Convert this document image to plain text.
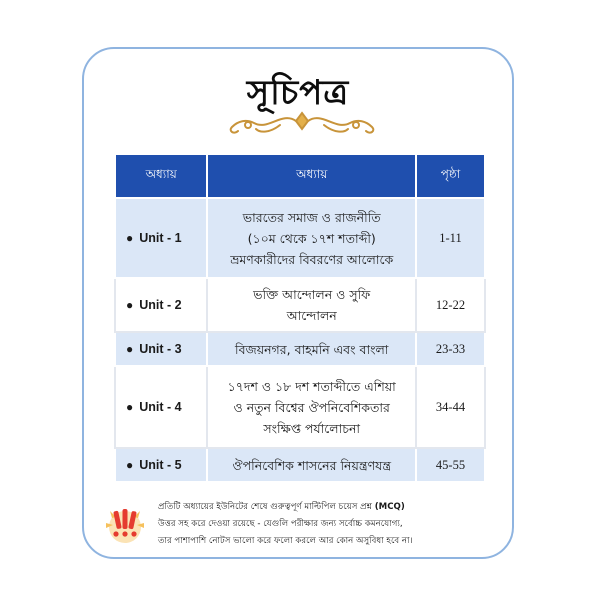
সূচিপত্র
অধ্যায়	অধ্যায়	পৃষ্ঠা
● Unit - 1	ভারতের সমাজ ও রাজনীতি
(১০ম থেকে ১৭শ শতাব্দী)
ভ্রমণকারীদের বিবরণের আলোকে	1-11
● Unit - 2	ভক্তি আন্দোলন ও সুফি
আন্দোলন	12-22
● Unit - 3	বিজয়নগর, বাহমনি এবং বাংলা	23-33
● Unit - 4	১৭দশ ও ১৮ দশ শতাব্দীতে এশিয়া
ও নতুন বিশ্বের ঔপনিবেশিকতার
সংক্ষিপ্ত পর্যালোচনা	34-44
● Unit - 5	ঔপনিবেশিক শাসনের নিয়ন্ত্রণযন্ত্র	45-55
প্রতিটি অধ্যায়ের ইউনিটের শেষে গুরুত্বপূর্ণ মাল্টিপিল চয়েস প্রশ্ন (MCQ)
উত্তর সহ করে দেওয়া রয়েছে - যেগুলি পরীক্ষার জন্য সর্বোচ্চ কমনযোগ্য,
তার পাশাপাশি নোটস ভালো করে ফলো করলে আর কোন অসুবিধা হবে না।
